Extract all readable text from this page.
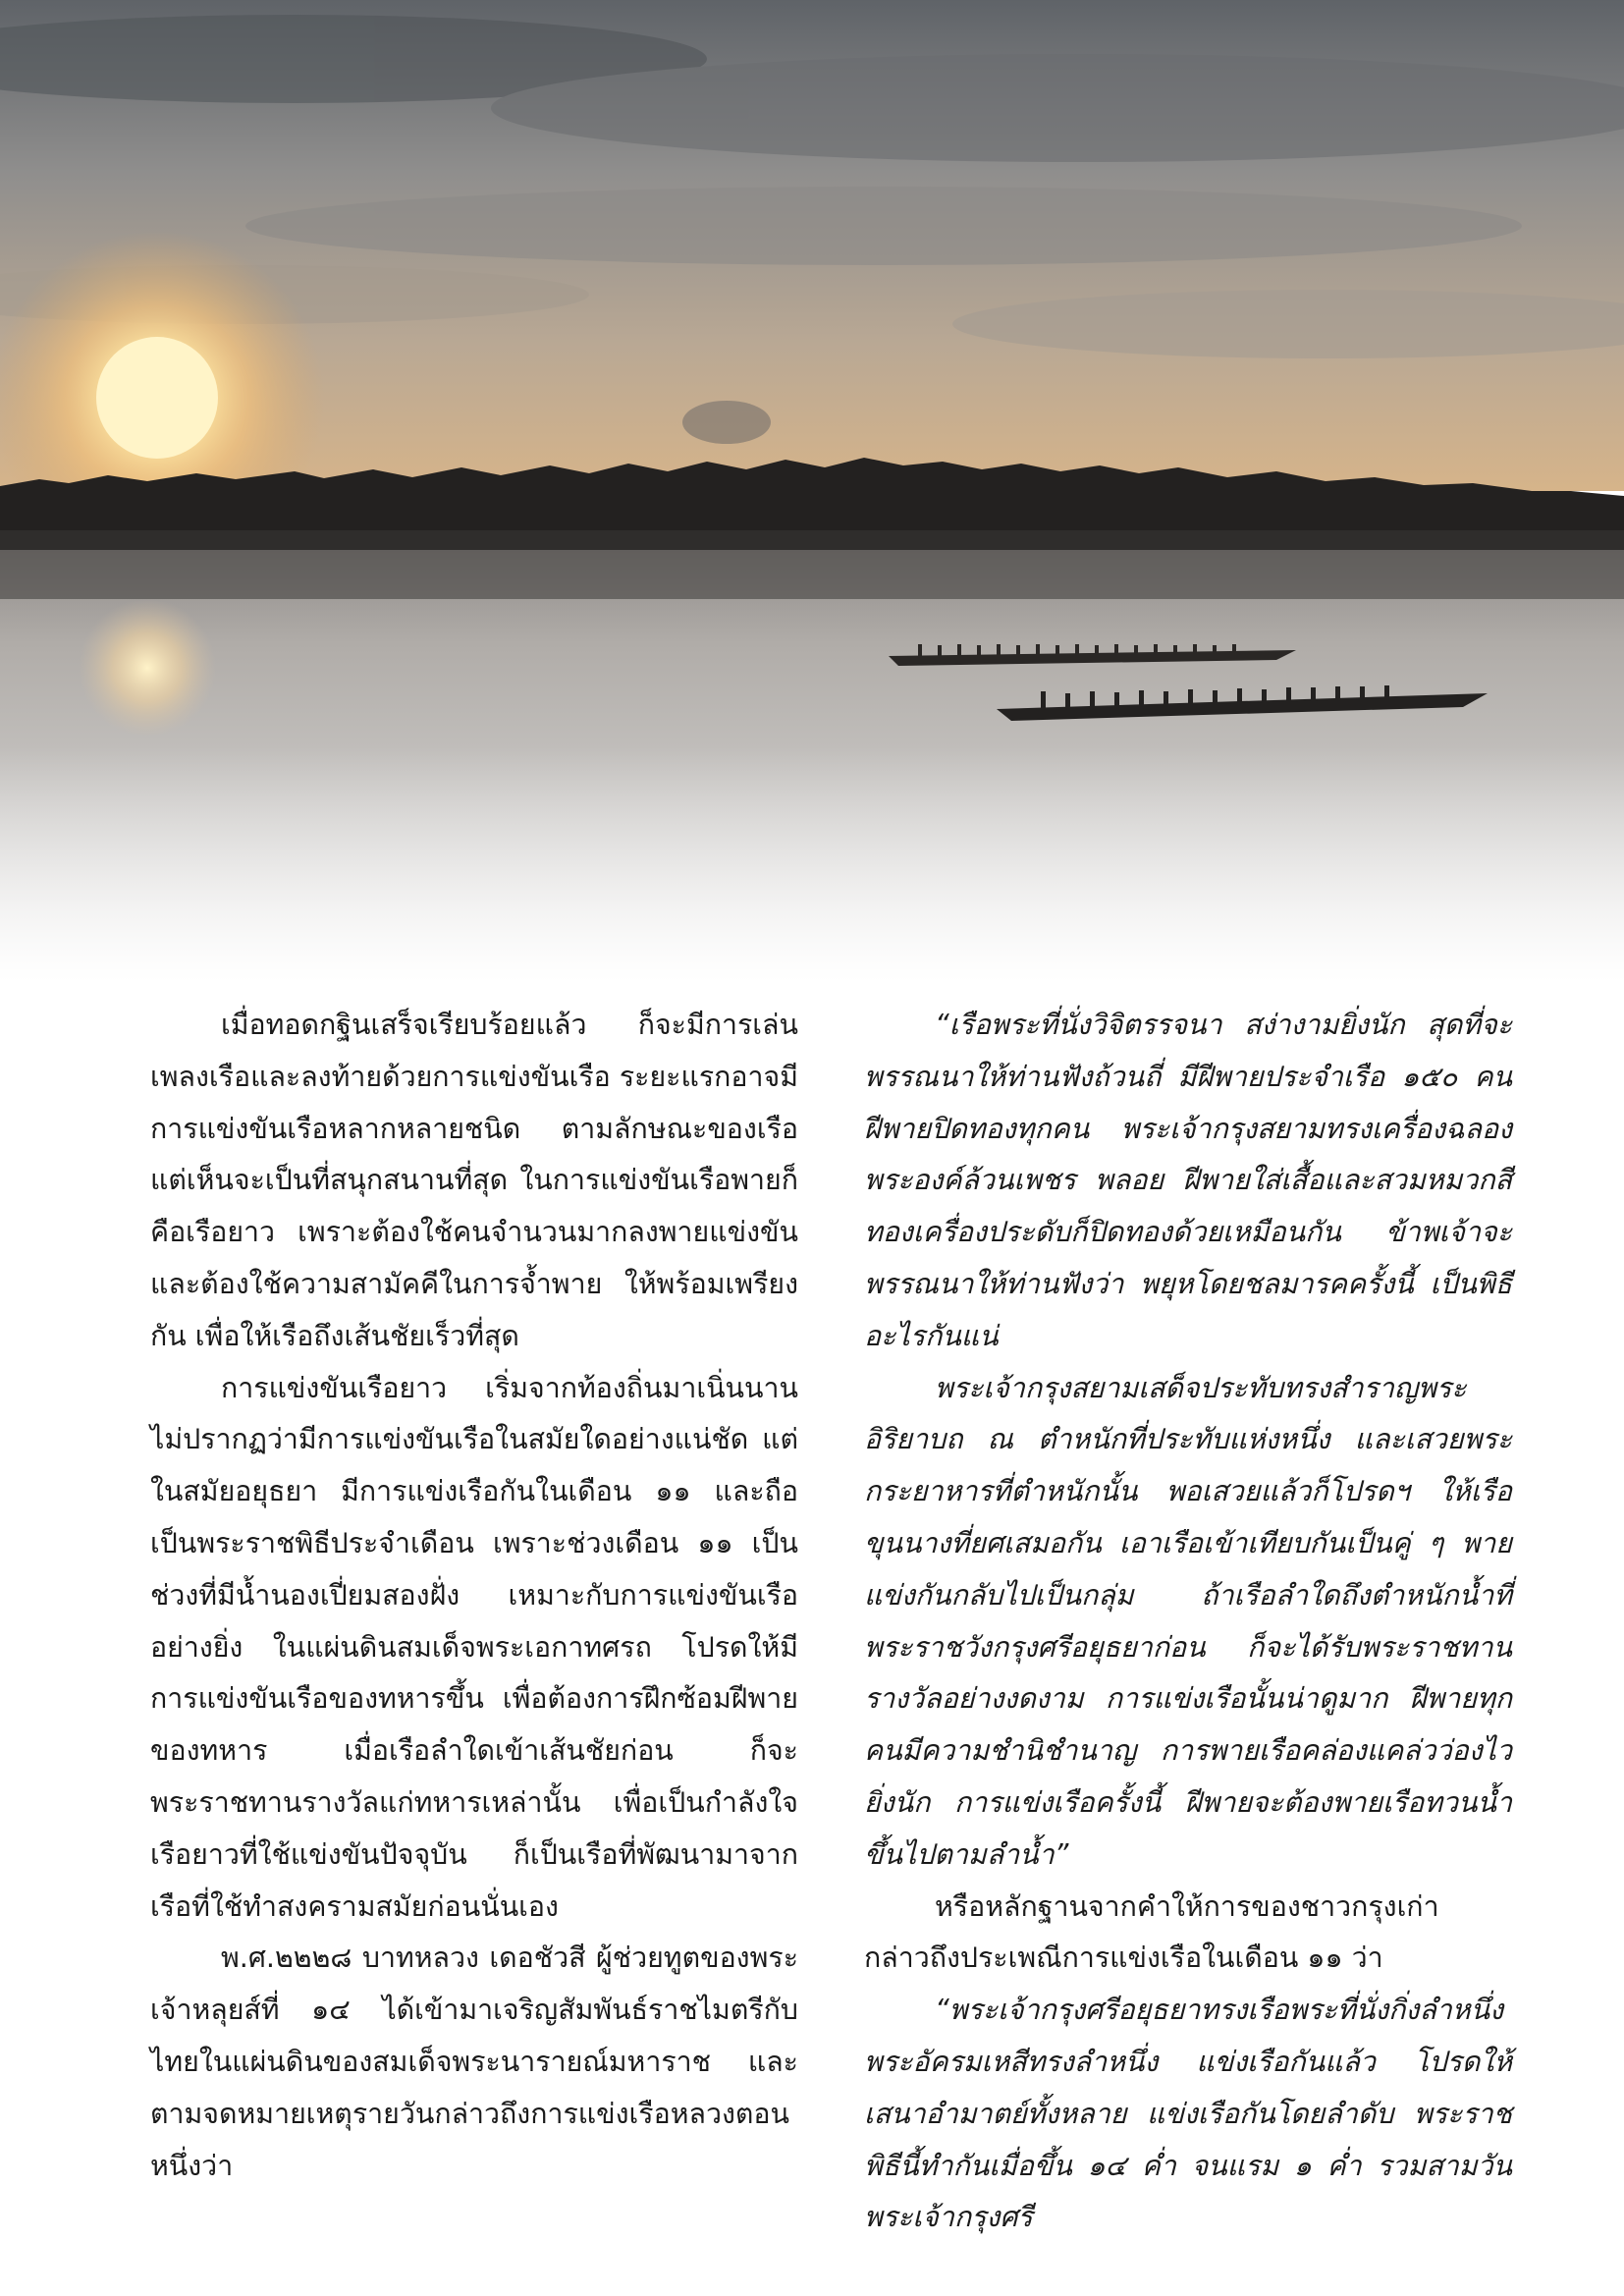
เมื่อทอดกฐินเสร็จเรียบร้อยแล้ว ก็จะมีการเล่นเพลงเรือและลงท้ายด้วยการแข่งขันเรือ ระยะแรกอาจมีการแข่งขันเรือหลากหลายชนิด ตามลักษณะของเรือ แต่เห็นจะเป็นที่สนุกสนานที่สุด ในการแข่งขันเรือพายก็คือเรือยาว เพราะต้องใช้คนจำนวนมากลงพายแข่งขันและต้องใช้ความสามัคคีในการจ้ำพาย ให้พร้อมเพรียงกัน เพื่อให้เรือถึงเส้นชัยเร็วที่สุด

การแข่งขันเรือยาว เริ่มจากท้องถิ่นมาเนิ่นนาน ไม่ปรากฏว่ามีการแข่งขันเรือในสมัยใดอย่างแน่ชัด แต่ในสมัยอยุธยา มีการแข่งเรือกันในเดือน ๑๑ และถือเป็นพระราชพิธีประจำเดือน เพราะช่วงเดือน ๑๑ เป็นช่วงที่มีน้ำนองเปี่ยมสองฝั่ง เหมาะกับการแข่งขันเรืออย่างยิ่ง ในแผ่นดินสมเด็จพระเอกาทศรถ โปรดให้มีการแข่งขันเรือของทหารขึ้น เพื่อต้องการฝึกซ้อมฝีพายของทหาร เมื่อเรือลำใดเข้าเส้นชัยก่อน ก็จะพระราชทานรางวัลแก่ทหารเหล่านั้น เพื่อเป็นกำลังใจ เรือยาวที่ใช้แข่งขันปัจจุบัน ก็เป็นเรือที่พัฒนามาจากเรือที่ใช้ทำสงครามสมัยก่อนนั่นเอง

พ.ศ.๒๒๒๘ บาทหลวง เดอชัวสี ผู้ช่วยทูตของพระเจ้าหลุยส์ที่ ๑๔ ได้เข้ามาเจริญสัมพันธ์ราชไมตรีกับไทยในแผ่นดินของสมเด็จพระนารายณ์มหาราช และตามจดหมายเหตุรายวันกล่าวถึงการแข่งเรือหลวงตอนหนึ่งว่า

“เรือพระที่นั่งวิจิตรรจนา สง่างามยิ่งนัก สุดที่จะพรรณนาให้ท่านฟังถ้วนถี่ มีฝีพายประจำเรือ ๑๕๐ คน ฝีพายปิดทองทุกคน พระเจ้ากรุงสยามทรงเครื่องฉลองพระองค์ล้วนเพชร พลอย ฝีพายใส่เสื้อและสวมหมวกสีทองเครื่องประดับก็ปิดทองด้วยเหมือนกัน ข้าพเจ้าจะพรรณนาให้ท่านฟังว่า พยุหโดยชลมารคครั้งนี้ เป็นพิธีอะไรกันแน่

พระเจ้ากรุงสยามเสด็จประทับทรงสำราญพระอิริยาบถ ณ ตำหนักที่ประทับแห่งหนึ่ง และเสวยพระกระยาหารที่ตำหนักนั้น พอเสวยแล้วก็โปรดฯ ให้เรือขุนนางที่ยศเสมอกัน เอาเรือเข้าเทียบกันเป็นคู่ ๆ พายแข่งกันกลับไปเป็นกลุ่ม ถ้าเรือลำใดถึงตำหนักน้ำที่พระราชวังกรุงศรีอยุธยาก่อน ก็จะได้รับพระราชทานรางวัลอย่างงดงาม การแข่งเรือนั้นน่าดูมาก ฝีพายทุกคนมีความชำนิชำนาญ การพายเรือคล่องแคล่วว่องไวยิ่งนัก การแข่งเรือครั้งนี้ ฝีพายจะต้องพายเรือทวนน้ำขึ้นไปตามลำน้ำ”

หรือหลักฐานจากคำให้การของชาวกรุงเก่า กล่าวถึงประเพณีการแข่งเรือในเดือน ๑๑ ว่า

“พระเจ้ากรุงศรีอยุธยาทรงเรือพระที่นั่งกิ่งลำหนึ่ง พระอัครมเหสีทรงลำหนึ่ง แข่งเรือกันแล้ว โปรดให้เสนาอำมาตย์ทั้งหลาย แข่งเรือกันโดยลำดับ พระราชพิธีนี้ทำกันเมื่อขึ้น ๑๔ ค่ำ จนแรม ๑ ค่ำ รวมสามวัน พระเจ้ากรุงศรี
